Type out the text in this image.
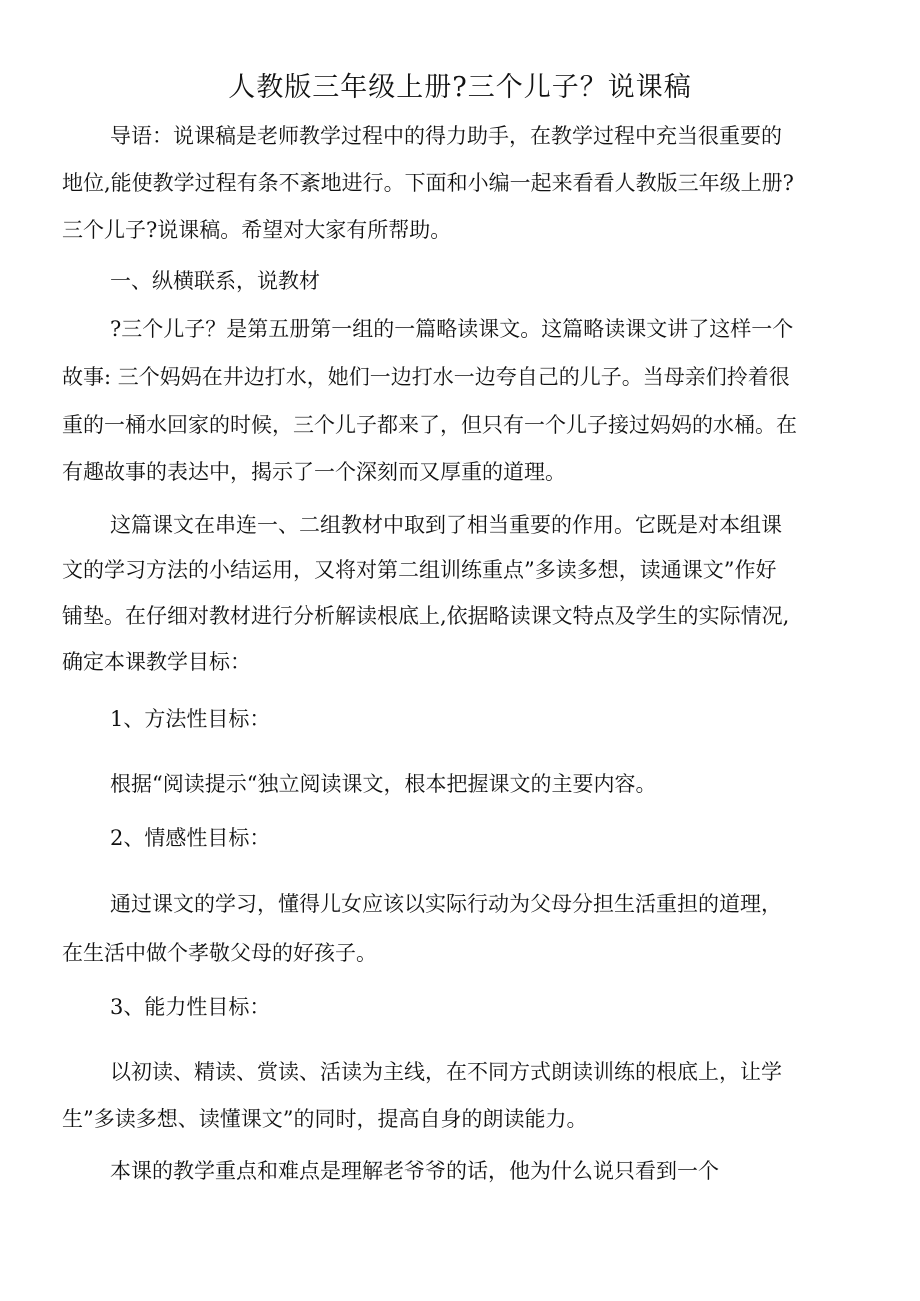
人教版三年级上册?三个儿子？说课稿
导语：说课稿是老师教学过程中的得力助手，在教学过程中充当很重要的
地位,能使教学过程有条不紊地进行。下面和小编一起来看看人教版三年级上册?
三个儿子?说课稿。希望对大家有所帮助。
一、纵横联系，说教材
?三个儿子？是第五册第一组的一篇略读课文。这篇略读课文讲了这样一个
故事: 三个妈妈在井边打水，她们一边打水一边夸自己的儿子。当母亲们拎着很
重的一桶水回家的时候，三个儿子都来了，但只有一个儿子接过妈妈的水桶。在
有趣故事的表达中，揭示了一个深刻而又厚重的道理。
这篇课文在串连一、二组教材中取到了相当重要的作用。它既是对本组课
文的学习方法的小结运用，又将对第二组训练重点”多读多想，读通课文”作好
铺垫。在仔细对教材进行分析解读根底上,依据略读课文特点及学生的实际情况,
确定本课教学目标：
1、方法性目标：
根据“阅读提示“独立阅读课文，根本把握课文的主要内容。
2、情感性目标：
通过课文的学习，懂得儿女应该以实际行动为父母分担生活重担的道理，
在生活中做个孝敬父母的好孩子。
3、能力性目标：
以初读、精读、赏读、活读为主线，在不同方式朗读训练的根底上，让学
生”多读多想、读懂课文”的同时，提高自身的朗读能力。
本课的教学重点和难点是理解老爷爷的话，他为什么说只看到一个
